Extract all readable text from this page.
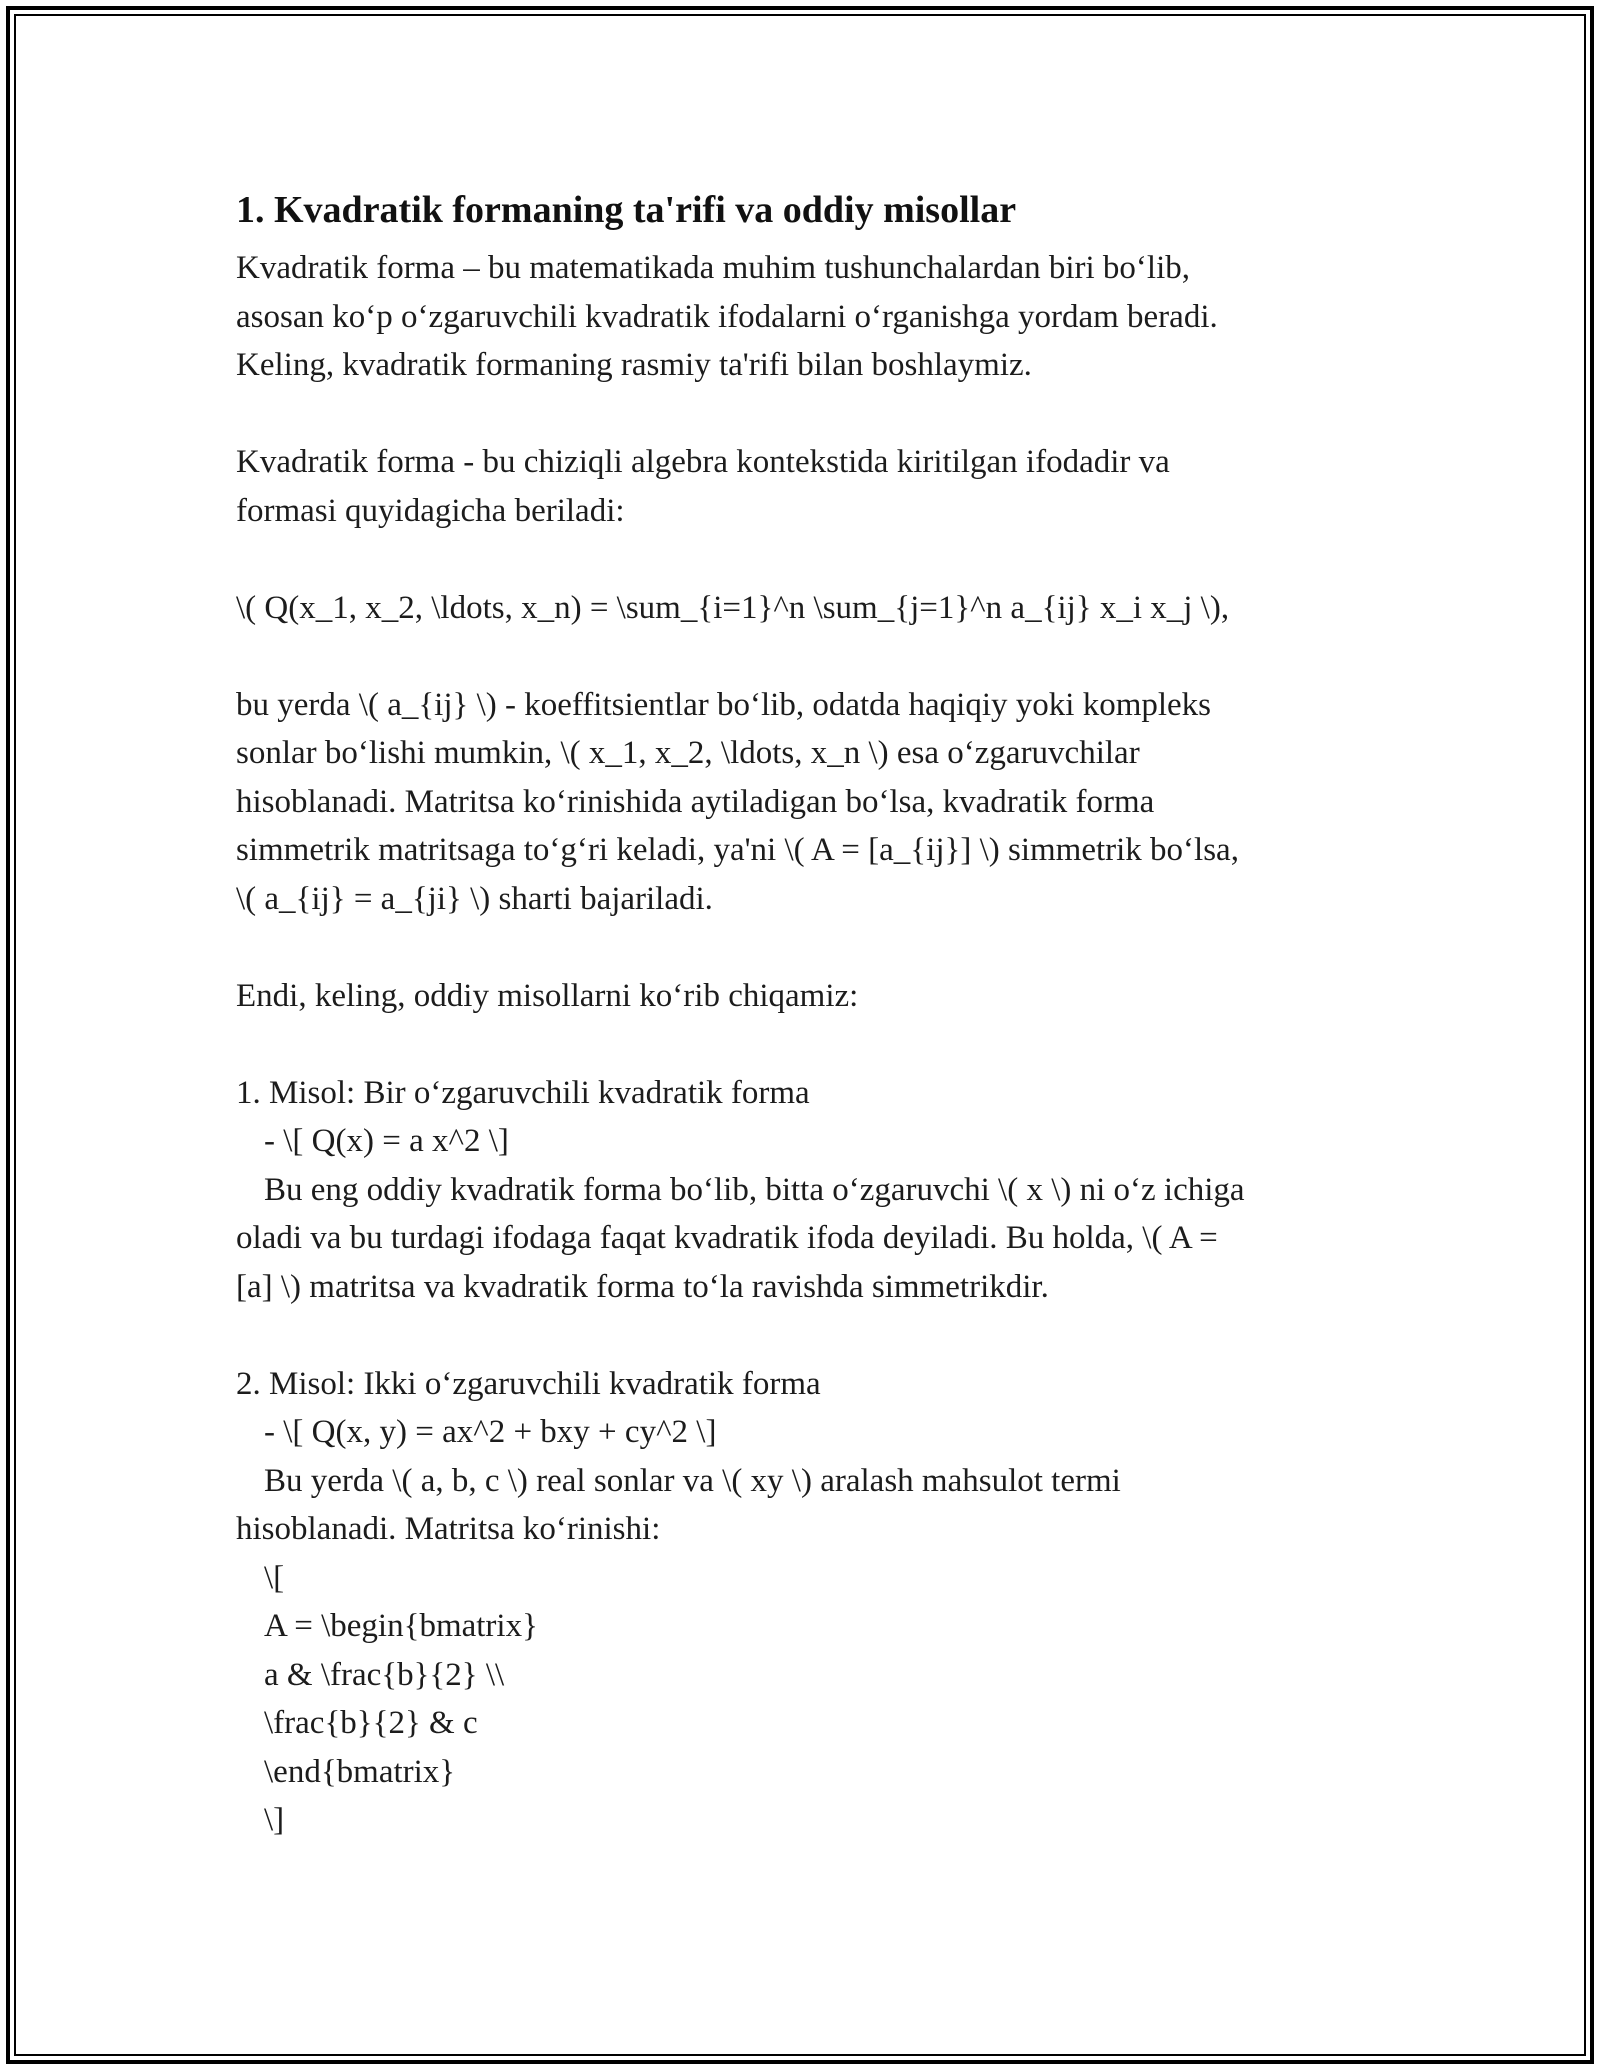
1. Kvadratik formaning ta'rifi va oddiy misollar
Kvadratik forma – bu matematikada muhim tushunchalardan biri bo‘lib,
asosan ko‘p o‘zgaruvchili kvadratik ifodalarni o‘rganishga yordam beradi.
Keling, kvadratik formaning rasmiy ta'rifi bilan boshlaymiz.
Kvadratik forma - bu chiziqli algebra kontekstida kiritilgan ifodadir va
formasi quyidagicha beriladi:
\( Q(x_1, x_2, \ldots, x_n) = \sum_{i=1}^n \sum_{j=1}^n a_{ij} x_i x_j \),
bu yerda \( a_{ij} \) - koeffitsientlar bo‘lib, odatda haqiqiy yoki kompleks
sonlar bo‘lishi mumkin, \( x_1, x_2, \ldots, x_n \) esa o‘zgaruvchilar
hisoblanadi. Matritsa ko‘rinishida aytiladigan bo‘lsa, kvadratik forma
simmetrik matritsaga to‘g‘ri keladi, ya'ni \( A = [a_{ij}] \) simmetrik bo‘lsa,
\( a_{ij} = a_{ji} \) sharti bajariladi.
Endi, keling, oddiy misollarni ko‘rib chiqamiz:
1. Misol: Bir o‘zgaruvchili kvadratik forma
- \[ Q(x) = a x^2 \]
Bu eng oddiy kvadratik forma bo‘lib, bitta o‘zgaruvchi \( x \) ni o‘z ichiga
oladi va bu turdagi ifodaga faqat kvadratik ifoda deyiladi. Bu holda, \( A =
[a] \) matritsa va kvadratik forma to‘la ravishda simmetrikdir.
2. Misol: Ikki o‘zgaruvchili kvadratik forma
- \[ Q(x, y) = ax^2 + bxy + cy^2 \]
Bu yerda \( a, b, c \) real sonlar va \( xy \) aralash mahsulot termi
hisoblanadi. Matritsa ko‘rinishi:
\[
A = \begin{bmatrix}
a & \frac{b}{2} \\
\frac{b}{2} & c
\end{bmatrix}
\]
